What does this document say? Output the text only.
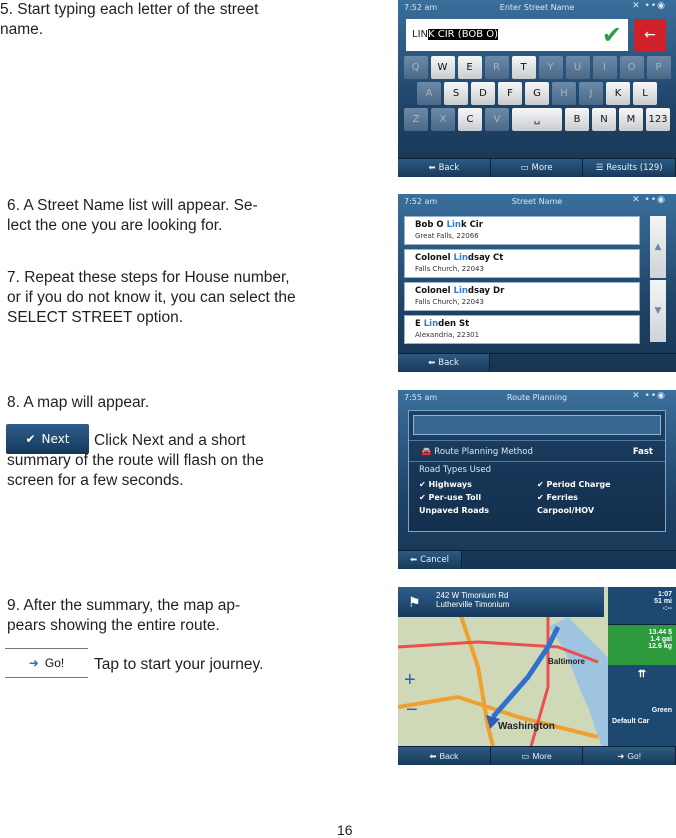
5. Start typing each letter of the street
name.
6. A Street Name list will appear. Se-
lect the one you are looking for.
7. Repeat these steps for House number,
or if you do not know it, you can select the
SELECT STREET option.
8. A map will appear.
✔ Next Click Next and a short
summary of the route will flash on the
screen for a few seconds.
9. After the summary, the map ap-
pears showing the entire route.
➜ Go! Tap to start your journey.
16
7:52 am	Enter Street Name	✕ ••◉
LINK CIR (BOB O)	✔ ←
Q	W	E	R	T	Y	U	I	O	P
A	S	D	F	G	H	J	K	L
Z	X	C	V	␣	B	N	M	123
⬅ Back	▭ More	☰ Results (129)
7:52 am	Street Name	✕ ••◉
Bob O Link Cir
Great Falls, 22066
Colonel Lindsay Ct
Falls Church, 22043
Colonel Lindsay Dr
Falls Church, 22043
E Linden St
Alexandria, 22301
▲
▼
⬅ Back
7:55 am	Route Planning	✕ ••◉
🚘 Route Planning Method	Fast
Road Types Used
✔ Highways	✔ Period Charge
✔ Per-use Toll	✔ Ferries
Unpaved Roads	Carpool/HOV
⬅ Cancel
⚑ 242 W Timonium Rd
Lutherville Timonium
1:07
51 mi
-:--
13.44 $
1.4 gal
12.6 kg
⇈
Green
Default Car
Baltimore
Washington
+
−
⬅ Back	▭ More	➜ Go!
